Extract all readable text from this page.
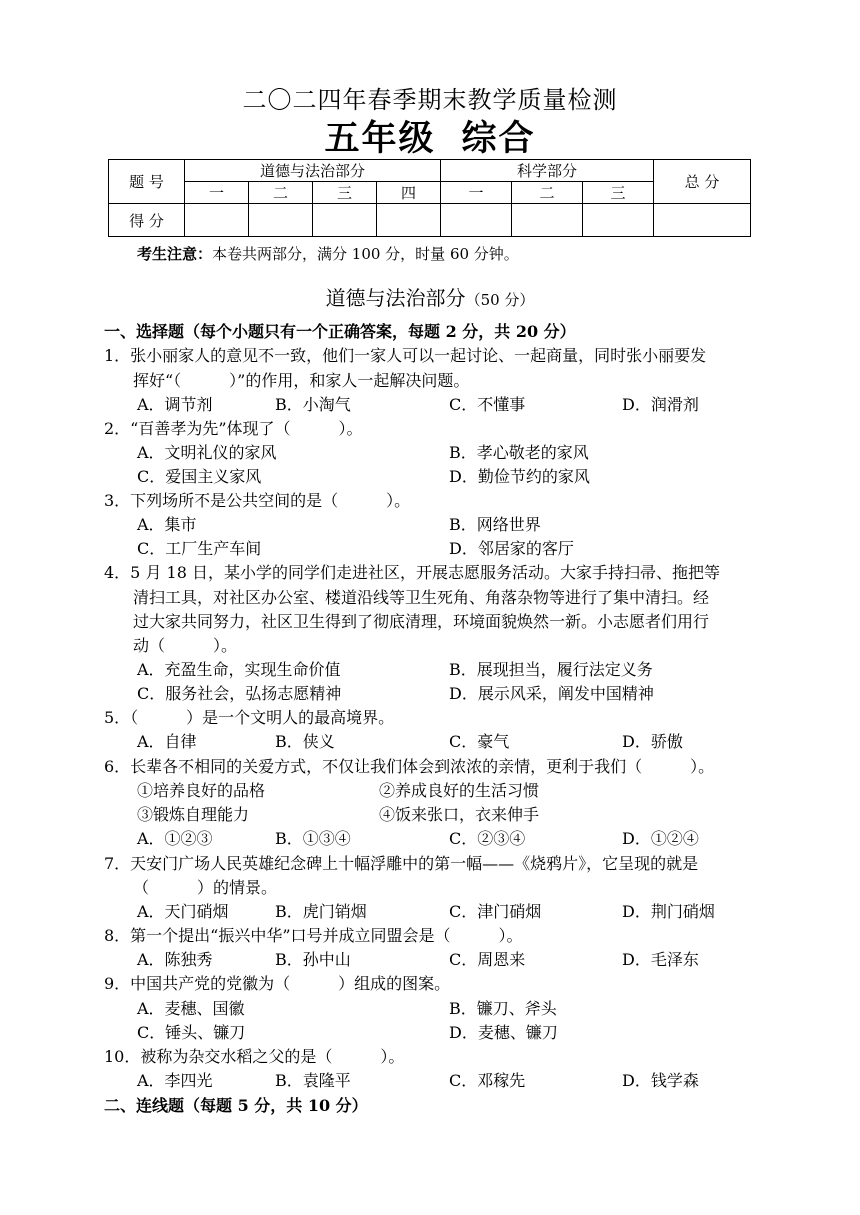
二〇二四年春季期末教学质量检测
五年级 综合
题 号	道德与法治部分				科学部分			总 分
	一	二	三	四	一	二	三	
得 分								
考生注意：本卷共两部分，满分 100 分，时量 60 分钟。
道德与法治部分（50 分）
一、选择题（每个小题只有一个正确答案，每题 2 分，共 20 分）
1．张小丽家人的意见不一致，他们一家人可以一起讨论、一起商量，同时张小丽要发
挥好“（　　　）”的作用，和家人一起解决问题。
A．调节剂	B．小淘气	C．不懂事	D．润滑剂
2．“百善孝为先”体现了（　　　）。
A．文明礼仪的家风	B．孝心敬老的家风
C．爱国主义家风	D．勤俭节约的家风
3．下列场所不是公共空间的是（　　　）。
A．集市	B．网络世界
C．工厂生产车间	D．邻居家的客厅
4．5 月 18 日，某小学的同学们走进社区，开展志愿服务活动。大家手持扫帚、拖把等
清扫工具，对社区办公室、楼道沿线等卫生死角、角落杂物等进行了集中清扫。经
过大家共同努力，社区卫生得到了彻底清理，环境面貌焕然一新。小志愿者们用行
动（　　　）。
A．充盈生命，实现生命价值	B．展现担当，履行法定义务
C．服务社会，弘扬志愿精神	D．展示风采，阐发中国精神
5．（　　　）是一个文明人的最高境界。
A．自律	B．侠义	C．豪气	D．骄傲
6．长辈各不相同的关爱方式，不仅让我们体会到浓浓的亲情，更利于我们（　　　）。
①培养良好的品格	②养成良好的生活习惯
③锻炼自理能力	④饭来张口，衣来伸手
A．①②③	B．①③④	C．②③④	D．①②④
7．天安门广场人民英雄纪念碑上十幅浮雕中的第一幅——《烧鸦片》，它呈现的就是
（　　　）的情景。
A．天门硝烟	B．虎门销烟	C．津门硝烟	D．荆门硝烟
8．第一个提出“振兴中华”口号并成立同盟会是（　　　）。
A．陈独秀	B．孙中山	C．周恩来	D．毛泽东
9．中国共产党的党徽为（　　　）组成的图案。
A．麦穗、国徽	B．镰刀、斧头
C．锤头、镰刀	D．麦穗、镰刀
10．被称为杂交水稻之父的是（　　　）。
A．李四光	B．袁隆平	C．邓稼先	D．钱学森
二、连线题（每题 5 分，共 10 分）
